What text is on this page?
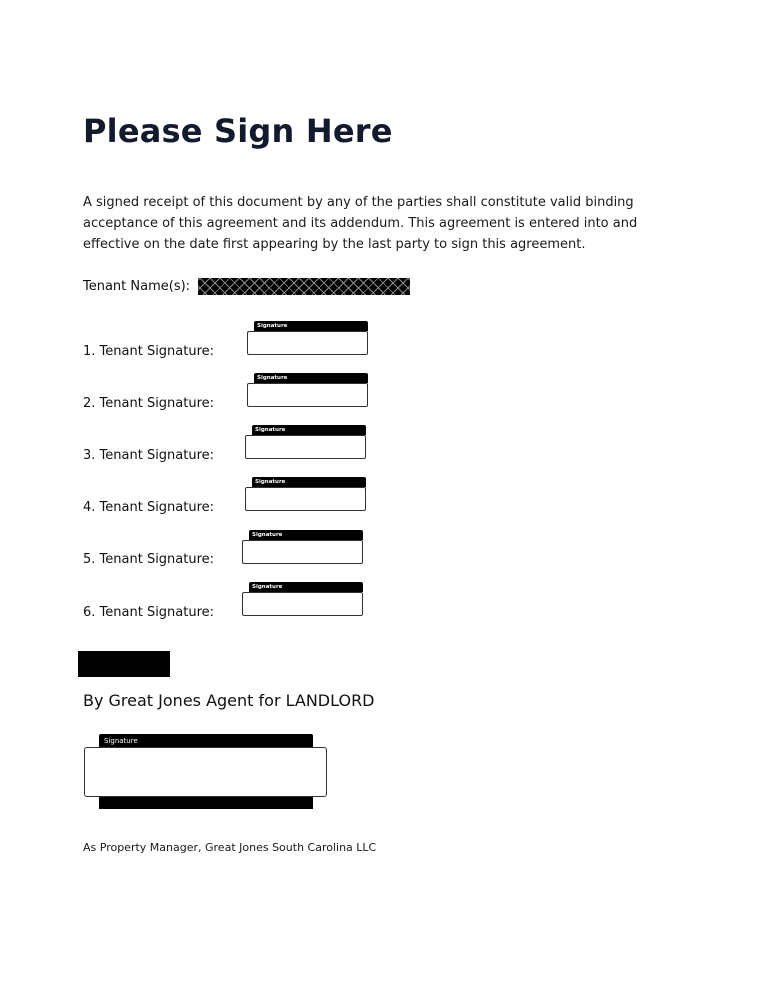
Please Sign Here

A signed receipt of this document by any of the parties shall constitute valid binding acceptance of this agreement and its addendum. This agreement is entered into and effective on the date first appearing by the last party to sign this agreement.

Tenant Name(s):
1. Tenant Signature:
Signature
2. Tenant Signature:
Signature
3. Tenant Signature:
Signature
4. Tenant Signature:
Signature
5. Tenant Signature:
Signature
6. Tenant Signature:
Signature
By Great Jones Agent for LANDLORD
Signature
As Property Manager, Great Jones South Carolina LLC
